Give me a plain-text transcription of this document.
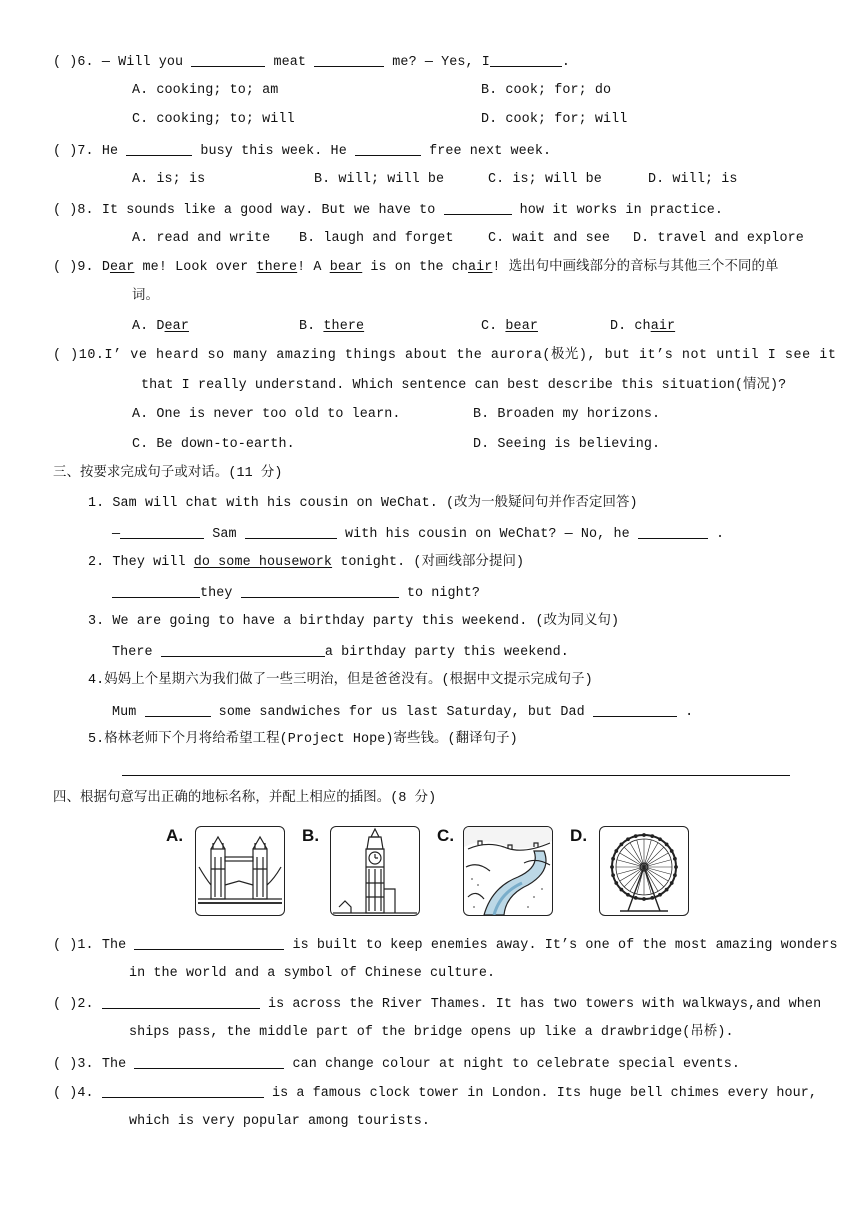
( )6. — Will you	meat	me? — Yes, I	.
A. cooking; to; am	B. cook; for; do
C. cooking; to; will	D. cook; for; will
( )7. He	busy this week. He	free next week.
A. is; is	B. will; will be	C. is; will be	D. will; is
( )8. It sounds like a good way. But we have to	how it works in practice.
A. read and write B. laugh and forget	C. wait and see D. travel and explore
( )9. Dear me! Look over there! A bear is on the chair! 选出句中画线部分的音标与其他三个不同的单
词。
A. Dear	B. there	C. bear	D. chair
( )10.I’ ve heard so many amazing things about the aurora(极光), but it’s not until I see it
that I really understand. Which sentence can best describe this situation(情况)?
A. One is never too old to learn.	B. Broaden my horizons.
C. Be down-to-earth.	D. Seeing is believing.
三、按要求完成句子或对话。(11 分)
1. Sam will chat with his cousin on WeChat. (改为一般疑问句并作否定回答)
—	Sam	with his cousin on WeChat? — No, he	.
2. They will do some housework tonight. (对画线部分提问)
they	to night?
3. We are going to have a birthday party this weekend. (改为同义句)
There	a birthday party this weekend.
4.妈妈上个星期六为我们做了一些三明治，但是爸爸没有。(根据中文提示完成句子)
Mum	some sandwiches for us last Saturday, but Dad	.
5.格林老师下个月将给希望工程(Project Hope)寄些钱。(翻译句子)
四、根据句意写出正确的地标名称，并配上相应的插图。(8 分)
A.	B.	C.	D.
( )1. The	is built to keep enemies away. It’s one of the most amazing wonders
in the world and a symbol of Chinese culture.
( )2.	is across the River Thames. It has two towers with walkways,and when
ships pass, the middle part of the bridge opens up like a drawbridge(吊桥).
( )3. The	can change colour at night to celebrate special events.
( )4.	is a famous clock tower in London. Its huge bell chimes every hour,
which is very popular among tourists.
